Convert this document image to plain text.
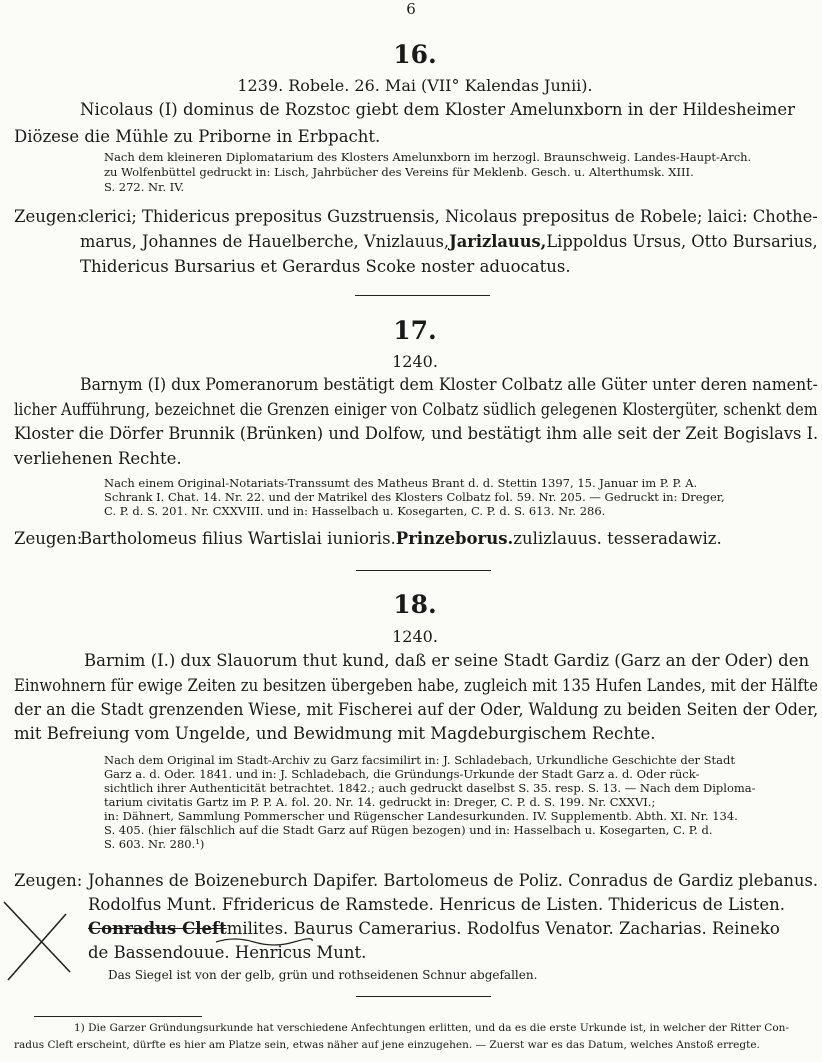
6
16.
1239. Robele. 26. Mai (VII° Kalendas Junii).
Nicolaus (I) dominus de Rozstoc giebt dem Kloster Amelunxborn in der Hildesheimer
Diözese die Mühle zu Priborne in Erbpacht.
Nach dem kleineren Diplomatarium des Klosters Amelunxborn im herzogl. Braunschweig. Landes-Haupt-Arch.
zu Wolfenbüttel gedruckt in: Lisch, Jahrbücher des Vereins für Meklenb. Gesch. u. Alterthumsk. XIII.
S. 272. Nr. IV.
Zeugen:
clerici; Thidericus prepositus Guzstruensis, Nicolaus prepositus de Robele; laici: Chothe-
marus, Johannes de Hauelberche, Vnizlauus, Jarizlauus, Lippoldus Ursus, Otto Bursarius,
Thidericus Bursarius et Gerardus Scoke noster aduocatus.
17.
1240.
Barnym (I) dux Pomeranorum bestätigt dem Kloster Colbatz alle Güter unter deren nament-
licher Aufführung, bezeichnet die Grenzen einiger von Colbatz südlich gelegenen Klostergüter, schenkt dem
Kloster die Dörfer Brunnik (Brünken) und Dolfow, und bestätigt ihm alle seit der Zeit Bogislavs I.
verliehenen Rechte.
Nach einem Original-Notariats-Transsumt des Matheus Brant d. d. Stettin 1397, 15. Januar im P. P. A.
Schrank I. Chat. 14. Nr. 22. und der Matrikel des Klosters Colbatz fol. 59. Nr. 205. — Gedruckt in: Dreger,
C. P. d. S. 201. Nr. CXXVIII. und in: Hasselbach u. Kosegarten, C. P. d. S. 613. Nr. 286.
Zeugen:
Bartholomeus filius Wartislai iunioris. Prinzeborus. zulizlauus. tesseradawiz.
18.
1240.
Barnim (I.) dux Slauorum thut kund, daß er seine Stadt Gardiz (Garz an der Oder) den
Einwohnern für ewige Zeiten zu besitzen übergeben habe, zugleich mit 135 Hufen Landes, mit der Hälfte
der an die Stadt grenzenden Wiese, mit Fischerei auf der Oder, Waldung zu beiden Seiten der Oder,
mit Befreiung vom Ungelde, und Bewidmung mit Magdeburgischem Rechte.
Nach dem Original im Stadt-Archiv zu Garz facsimilirt in: J. Schladebach, Urkundliche Geschichte der Stadt
Garz a. d. Oder. 1841. und in: J. Schladebach, die Gründungs-Urkunde der Stadt Garz a. d. Oder rück-
sichtlich ihrer Authenticität betrachtet. 1842.; auch gedruckt daselbst S. 35. resp. S. 13. — Nach dem Diploma-
tarium civitatis Gartz im P. P. A. fol. 20. Nr. 14. gedruckt in: Dreger, C. P. d. S. 199. Nr. CXXVI.;
in: Dähnert, Sammlung Pommerscher und Rügenscher Landesurkunden. IV. Supplementb. Abth. XI. Nr. 134.
S. 405. (hier fälschlich auf die Stadt Garz auf Rügen bezogen) und in: Hasselbach u. Kosegarten, C. P. d.
S. 603. Nr. 280.¹)
Zeugen: Johannes de Boizeneburch Dapifer. Bartolomeus de Poliz. Conradus de Gardiz plebanus.
Rodolfus Munt. Ffridericus de Ramstede. Henricus de Listen. Thidericus de Listen.
Conradus Cleft milites. Baurus Camerarius. Rodolfus Venator. Zacharias. Reineko
de Bassendouue. Henricus Munt.
Das Siegel ist von der gelb, grün und rothseidenen Schnur abgefallen.
1) Die Garzer Gründungsurkunde hat verschiedene Anfechtungen erlitten, und da es die erste Urkunde ist, in welcher der Ritter Con-
radus Cleft erscheint, dürfte es hier am Platze sein, etwas näher auf jene einzugehen. — Zuerst war es das Datum, welches Anstoß erregte.
